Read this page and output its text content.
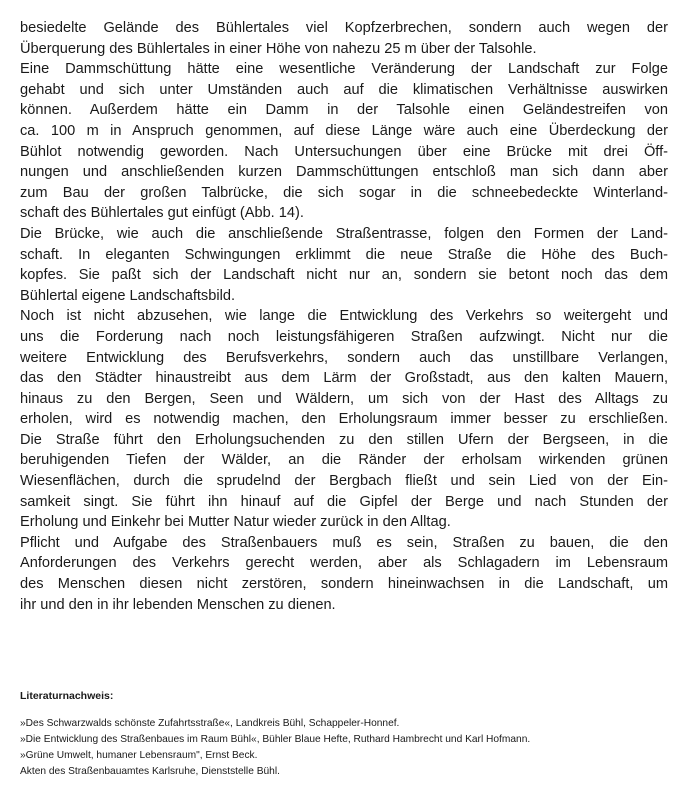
besiedelte Gelände des Bühlertales viel Kopfzerbrechen, sondern auch wegen der
Überquerung des Bühlertales in einer Höhe von nahezu 25 m über der Talsohle.
Eine Dammschüttung hätte eine wesentliche Veränderung der Landschaft zur Folge
gehabt und sich unter Umständen auch auf die klimatischen Verhältnisse auswirken
können. Außerdem hätte ein Damm in der Talsohle einen Geländestreifen von
ca. 100 m in Anspruch genommen, auf diese Länge wäre auch eine Überdeckung der
Bühlot notwendig geworden. Nach Untersuchungen über eine Brücke mit drei Öff-
nungen und anschließenden kurzen Dammschüttungen entschloß man sich dann aber
zum Bau der großen Talbrücke, die sich sogar in die schneebedeckte Winterland-
schaft des Bühlertales gut einfügt (Abb. 14).
Die Brücke, wie auch die anschließende Straßentrasse, folgen den Formen der Land-
schaft. In eleganten Schwingungen erklimmt die neue Straße die Höhe des Buch-
kopfes. Sie paßt sich der Landschaft nicht nur an, sondern sie betont noch das dem
Bühlertal eigene Landschaftsbild.
Noch ist nicht abzusehen, wie lange die Entwicklung des Verkehrs so weitergeht und
uns die Forderung nach noch leistungsfähigeren Straßen aufzwingt. Nicht nur die
weitere Entwicklung des Berufsverkehrs, sondern auch das unstillbare Verlangen,
das den Städter hinaustreibt aus dem Lärm der Großstadt, aus den kalten Mauern,
hinaus zu den Bergen, Seen und Wäldern, um sich von der Hast des Alltags zu
erholen, wird es notwendig machen, den Erholungsraum immer besser zu erschließen.
Die Straße führt den Erholungsuchenden zu den stillen Ufern der Bergseen, in die
beruhigenden Tiefen der Wälder, an die Ränder der erholsam wirkenden grünen
Wiesenflächen, durch die sprudelnd der Bergbach fließt und sein Lied von der Ein-
samkeit singt. Sie führt ihn hinauf auf die Gipfel der Berge und nach Stunden der
Erholung und Einkehr bei Mutter Natur wieder zurück in den Alltag.
Pflicht und Aufgabe des Straßenbauers muß es sein, Straßen zu bauen, die den
Anforderungen des Verkehrs gerecht werden, aber als Schlagadern im Lebensraum
des Menschen diesen nicht zerstören, sondern hineinwachsen in die Landschaft, um
ihr und den in ihr lebenden Menschen zu dienen.
Literaturnachweis:
»Des Schwarzwalds schönste Zufahrtsstraße«, Landkreis Bühl, Schappeler-Honnef.
»Die Entwicklung des Straßenbaues im Raum Bühl«, Bühler Blaue Hefte, Ruthard Hambrecht und Karl Hofmann.
»Grüne Umwelt, humaner Lebensraum", Ernst Beck.
Akten des Straßenbauamtes Karlsruhe, Dienststelle Bühl.
